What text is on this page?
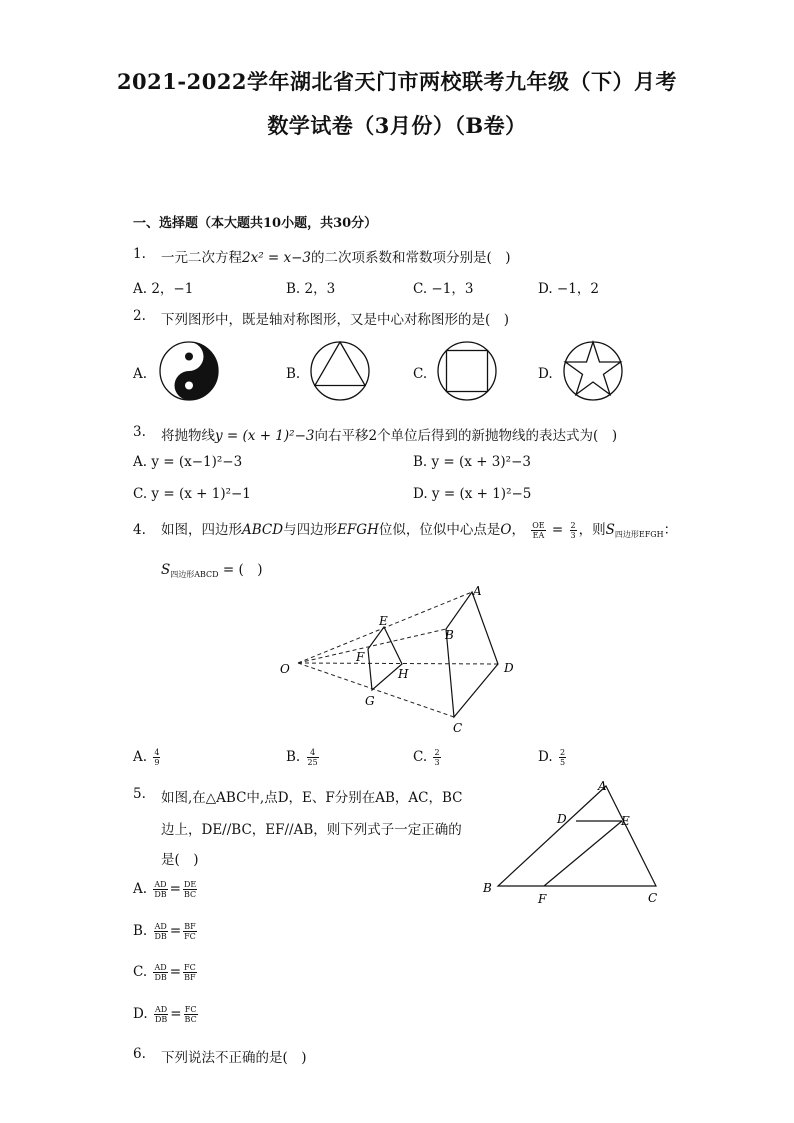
2021-2022学年湖北省天门市两校联考九年级（下）月考
数学试卷（3月份）（B卷）
一、选择题（本大题共10小题，共30分）
1. 一元二次方程2x² = x−3的二次项系数和常数项分别是(　)
A. 2，−1	B. 2，3	C. −1，3	D. −1，2
2. 下列图形中，既是轴对称图形，又是中心对称图形的是(　)
A.	B.	C.	D.
3. 将抛物线y = (x + 1)²−3向右平移2个单位后得到的新抛物线的表达式为(　)
A. y = (x−1)²−3	B. y = (x + 3)²−3
C. y = (x + 1)²−1	D. y = (x + 1)²−5
4. 如图，四边形ABCD与四边形EFGH位似，位似中心点是O， $\frac{OE}{EA} = \frac{2}{3}$ ，则$S_{四边形EFGH}$：
$S_{四边形ABCD}$ = (　)
A
B
C
D
E
F
G
H
O
A. $\frac{4}{9}$	B. $\frac{4}{25}$	C. $\frac{2}{3}$	D. $\frac{2}{5}$
5. 如图,在△ABC中,点D，E、F分别在AB，AC，BC
边上，DE//BC，EF//AB，则下列式子一定正确的
是(　)
A
B
C
D	E
F
A. $\frac{AD}{DB} = \frac{DE}{BC}$
B. $\frac{AD}{DB} = \frac{BF}{FC}$
C. $\frac{AD}{DB} = \frac{FC}{BF}$
D. $\frac{AD}{DB} = \frac{FC}{BC}$
6. 下列说法不正确的是(　)
